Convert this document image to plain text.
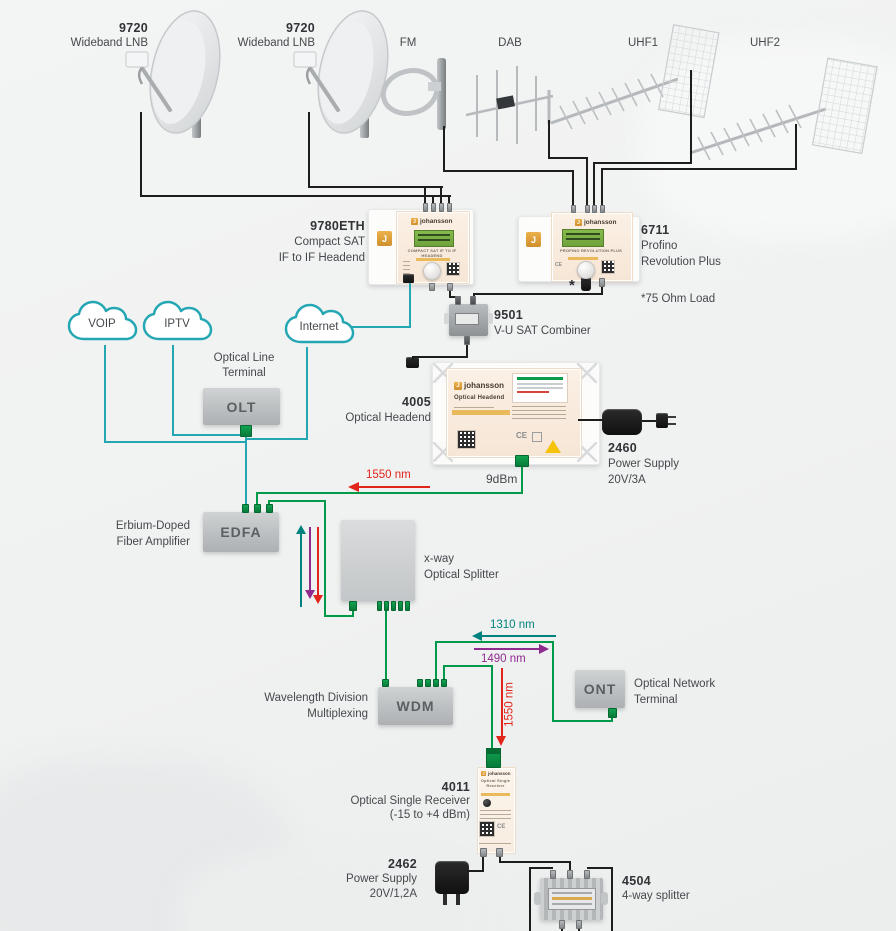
VOIP	IPTV	Internet
J
J johansson
COMPACT SAT IF TO IF HEADEND
J
J johansson
PROFINO REVOLUTION PLUS
CE
*
J johansson
Optical Headend
CE
OLT
EDFA
WDM
ONT
J johansson
Optical Single Receiver
CE
9720
Wideband LNB
9720
Wideband LNB	FM	DAB	UHF1	UHF2
9780ETH
Compact SAT
IF to IF Headend
6711
Profino
Revolution Plus
*75 Ohm Load
9501
V-U SAT Combiner
Optical Line
Terminal
4005
Optical Headend
2460
Power Supply
20V/3A
1550 nm	9dBm
Erbium-Doped
Fiber Amplifier
x-way
Optical Splitter
Wavelength Division
Multiplexing
Optical Network
Terminal
1310 nm
1490 nm
1550 nm
4011
Optical Single Receiver
(-15 to +4 dBm)
2462
Power Supply
20V/1,2A
4504
4-way splitter
